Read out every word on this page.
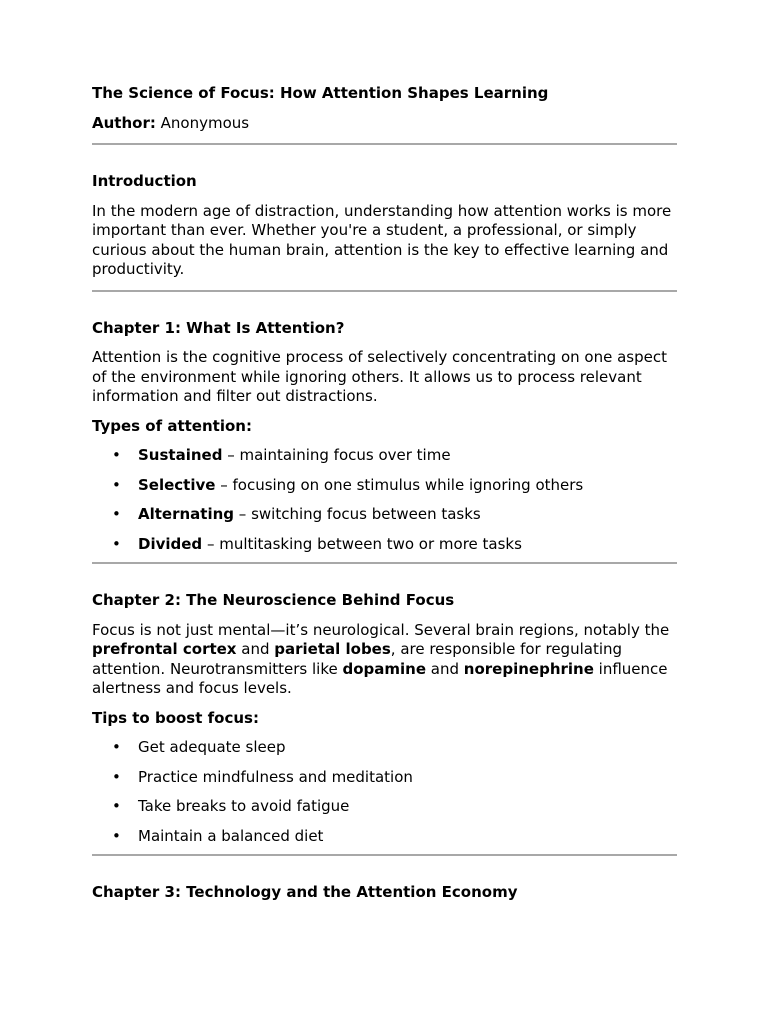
The Science of Focus: How Attention Shapes Learning
Author: Anonymous
Introduction
In the modern age of distraction, understanding how attention works is more important than ever. Whether you're a student, a professional, or simply curious about the human brain, attention is the key to effective learning and productivity.
Chapter 1: What Is Attention?
Attention is the cognitive process of selectively concentrating on one aspect of the environment while ignoring others. It allows us to process relevant information and filter out distractions.
Types of attention:
• Sustained – maintaining focus over time
• Selective – focusing on one stimulus while ignoring others
• Alternating – switching focus between tasks
• Divided – multitasking between two or more tasks
Chapter 2: The Neuroscience Behind Focus
Focus is not just mental—it’s neurological. Several brain regions, notably the prefrontal cortex and parietal lobes, are responsible for regulating attention. Neurotransmitters like dopamine and norepinephrine influence alertness and focus levels.
Tips to boost focus:
• Get adequate sleep
• Practice mindfulness and meditation
• Take breaks to avoid fatigue
• Maintain a balanced diet
Chapter 3: Technology and the Attention Economy
